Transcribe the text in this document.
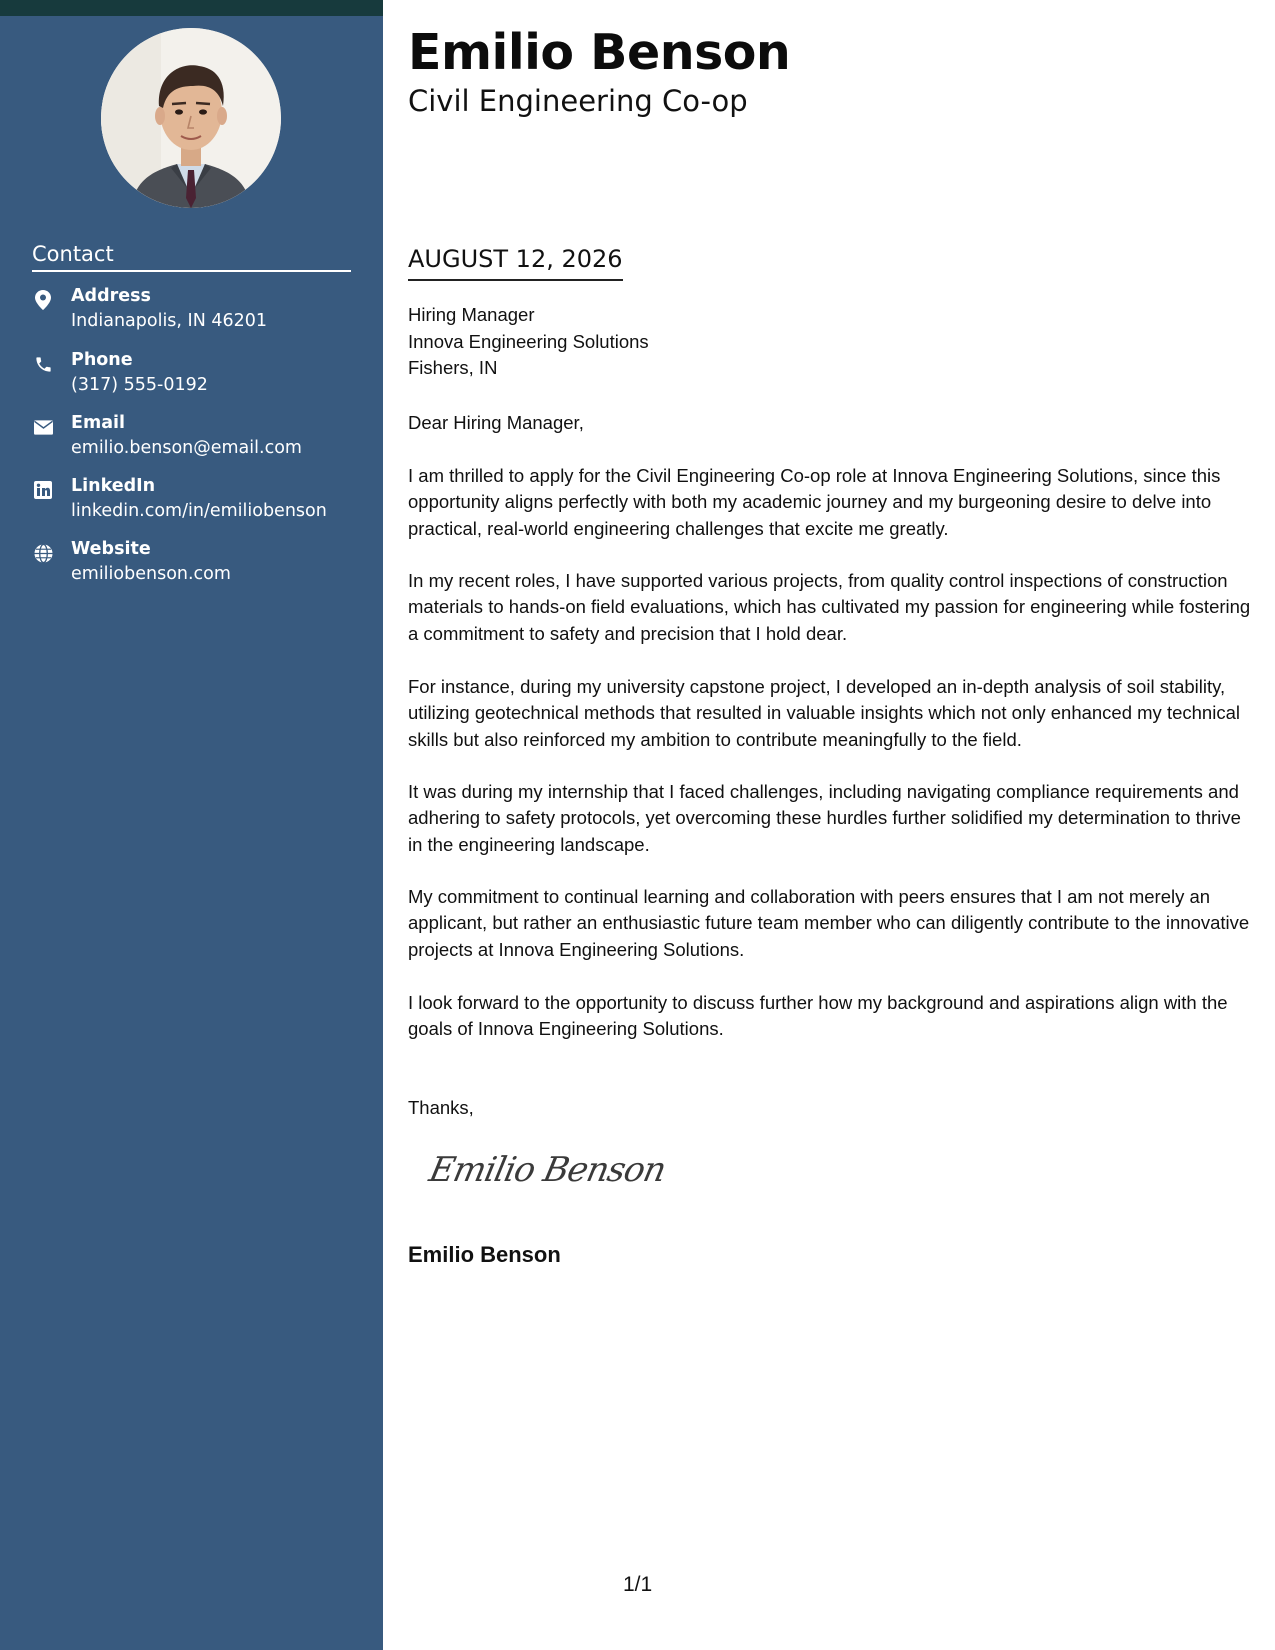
Contact
Address
Indianapolis, IN 46201
Phone
(317) 555-0192
Email
emilio.benson@email.com
LinkedIn
linkedin.com/in/emiliobenson
Website
emiliobenson.com
Emilio Benson
Civil Engineering Co-op
AUGUST 12, 2026
Hiring Manager
Innova Engineering Solutions
Fishers, IN
Dear Hiring Manager,

I am thrilled to apply for the Civil Engineering Co-op role at Innova Engineering Solutions, since this opportunity aligns perfectly with both my academic journey and my burgeoning desire to delve into practical, real-world engineering challenges that excite me greatly.

In my recent roles, I have supported various projects, from quality control inspections of construction materials to hands-on field evaluations, which has cultivated my passion for engineering while fostering a commitment to safety and precision that I hold dear.

For instance, during my university capstone project, I developed an in-depth analysis of soil stability, utilizing geotechnical methods that resulted in valuable insights which not only enhanced my technical skills but also reinforced my ambition to contribute meaningfully to the field.

It was during my internship that I faced challenges, including navigating compliance requirements and adhering to safety protocols, yet overcoming these hurdles further solidified my determination to thrive in the engineering landscape.

My commitment to continual learning and collaboration with peers ensures that I am not merely an applicant, but rather an enthusiastic future team member who can diligently contribute to the innovative projects at Innova Engineering Solutions.

I look forward to the opportunity to discuss further how my background and aspirations align with the goals of Innova Engineering Solutions.

Thanks,
Emilio Benson
Emilio Benson
1/1
